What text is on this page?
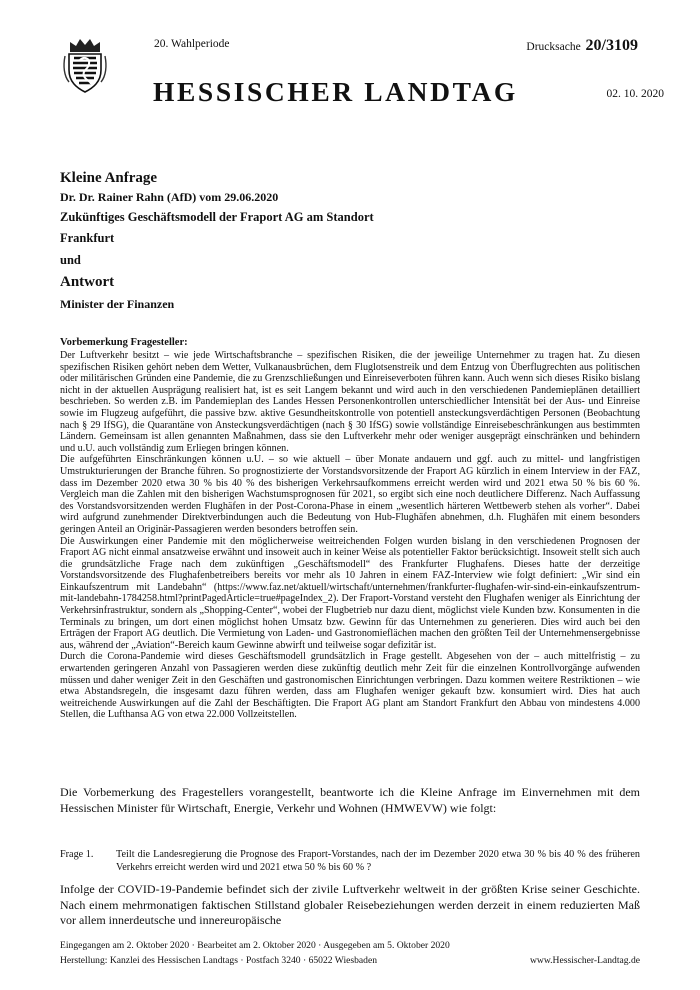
20. Wahlperiode	Drucksache 20/3109
HESSISCHER LANDTAG	02. 10. 2020
Kleine Anfrage
Dr. Dr. Rainer Rahn (AfD) vom 29.06.2020
Zukünftiges Geschäftsmodell der Fraport AG am Standort
Frankfurt
und
Antwort
Minister der Finanzen
Vorbemerkung Fragesteller:

Der Luftverkehr besitzt – wie jede Wirtschaftsbranche – spezifischen Risiken, die der jeweilige Unternehmer zu tragen hat. Zu diesen spezifischen Risiken gehört neben dem Wetter, Vulkanausbrüchen, dem Fluglotsenstreik und dem Entzug von Überflugrechten aus politischen oder militärischen Gründen eine Pandemie, die zu Grenzschließungen und Einreiseverboten führen kann. Auch wenn sich dieses Risiko bislang nicht in der aktuellen Ausprägung realisiert hat, ist es seit Langem bekannt und wird auch in den verschiedenen Pandemieplänen detailliert beschrieben. So werden z.B. im Pandemieplan des Landes Hessen Personenkontrollen unterschiedlicher Intensität bei der Aus- und Einreise sowie im Flugzeug aufgeführt, die passive bzw. aktive Gesundheitskontrolle von potentiell ansteckungsverdächtigen Personen (Beobachtung nach § 29 IfSG), die Quarantäne von Ansteckungsverdächtigen (nach § 30 IfSG) sowie vollständige Einreisebeschränkungen aus bestimmten Ländern. Gemeinsam ist allen genannten Maßnahmen, dass sie den Luftverkehr mehr oder weniger ausgeprägt einschränken und behindern und u.U. auch vollständig zum Erliegen bringen können.

Die aufgeführten Einschränkungen können u.U. – so wie aktuell – über Monate andauern und ggf. auch zu mittel- und langfristigen Umstrukturierungen der Branche führen. So prognostizierte der Vorstandsvorsitzende der Fraport AG kürzlich in einem Interview in der FAZ, dass im Dezember 2020 etwa 30 % bis 40 % des bisherigen Verkehrsaufkommens erreicht werden wird und 2021 etwa 50 % bis 60 %. Vergleich man die Zahlen mit den bisherigen Wachstumsprognosen für 2021, so ergibt sich eine noch deutlichere Differenz. Nach Auffassung des Vorstandsvorsitzenden werden Flughäfen in der Post-Corona-Phase in einem „wesentlich härteren Wettbewerb stehen als vorher“. Dabei wird aufgrund zunehmender Direktverbindungen auch die Bedeutung von Hub-Flughäfen abnehmen, d.h. Flughäfen mit einem besonders geringen Anteil an Originär-Passagieren werden besonders betroffen sein.

Die Auswirkungen einer Pandemie mit den möglicherweise weitreichenden Folgen wurden bislang in den verschiedenen Prognosen der Fraport AG nicht einmal ansatzweise erwähnt und insoweit auch in keiner Weise als potentieller Faktor berücksichtigt. Insoweit stellt sich auch die grundsätzliche Frage nach dem zukünftigen „Geschäftsmodell“ des Frankfurter Flughafens. Dieses hatte der derzeitige Vorstandsvorsitzende des Flughafenbetreibers bereits vor mehr als 10 Jahren in einem FAZ-Interview wie folgt definiert: „Wir sind ein Einkaufszentrum mit Landebahn“ (https://www.faz.net/aktuell/wirtschaft/unternehmen/frankfurter-flughafen-wir-sind-ein-einkaufszentrum-mit-landebahn-1784258.html?printPagedArticle=true#pageIndex_2). Der Fraport-Vorstand versteht den Flughafen weniger als Einrichtung der Verkehrsinfrastruktur, sondern als „Shopping-Center“, wobei der Flugbetrieb nur dazu dient, möglichst viele Kunden bzw. Konsumenten in die Terminals zu bringen, um dort einen möglichst hohen Umsatz bzw. Gewinn für das Unternehmen zu generieren. Dies wird auch bei den Erträgen der Fraport AG deutlich. Die Vermietung von Laden- und Gastronomieflächen machen den größten Teil der Unternehmensergebnisse aus, während der „Aviation“-Bereich kaum Gewinne abwirft und teilweise sogar defizitär ist.

Durch die Corona-Pandemie wird dieses Geschäftsmodell grundsätzlich in Frage gestellt. Abgesehen von der – auch mittelfristig – zu erwartenden geringeren Anzahl von Passagieren werden diese zukünftig deutlich mehr Zeit für die einzelnen Kontrollvorgänge aufwenden müssen und daher weniger Zeit in den Geschäften und gastronomischen Einrichtungen verbringen. Dazu kommen weitere Restriktionen – wie etwa Abstandsregeln, die insgesamt dazu führen werden, dass am Flughafen weniger gekauft bzw. konsumiert wird. Dies hat auch weitreichende Auswirkungen auf die Zahl der Beschäftigten. Die Fraport AG plant am Standort Frankfurt den Abbau von mindestens 4.000 Stellen, die Lufthansa AG von etwa 22.000 Vollzeitstellen.

Die Vorbemerkung des Fragestellers vorangestellt, beantworte ich die Kleine Anfrage im Einvernehmen mit dem Hessischen Minister für Wirtschaft, Energie, Verkehr und Wohnen (HMWEVW) wie folgt:
Frage 1.	Teilt die Landesregierung die Prognose des Fraport-Vorstandes, nach der im Dezember 2020 etwa 30 % bis 40 % des früheren Verkehrs erreicht werden wird und 2021 etwa 50 % bis 60 % ?
Infolge der COVID-19-Pandemie befindet sich der zivile Luftverkehr weltweit in der größten Krise seiner Geschichte. Nach einem mehrmonatigen faktischen Stillstand globaler Reisebeziehungen werden derzeit in einem reduzierten Maß vor allem innerdeutsche und innereuropäische
Eingegangen am 2. Oktober 2020 · Bearbeitet am 2. Oktober 2020 · Ausgegeben am 5. Oktober 2020
Herstellung: Kanzlei des Hessischen Landtags · Postfach 3240 · 65022 Wiesbaden	www.Hessischer-Landtag.de
